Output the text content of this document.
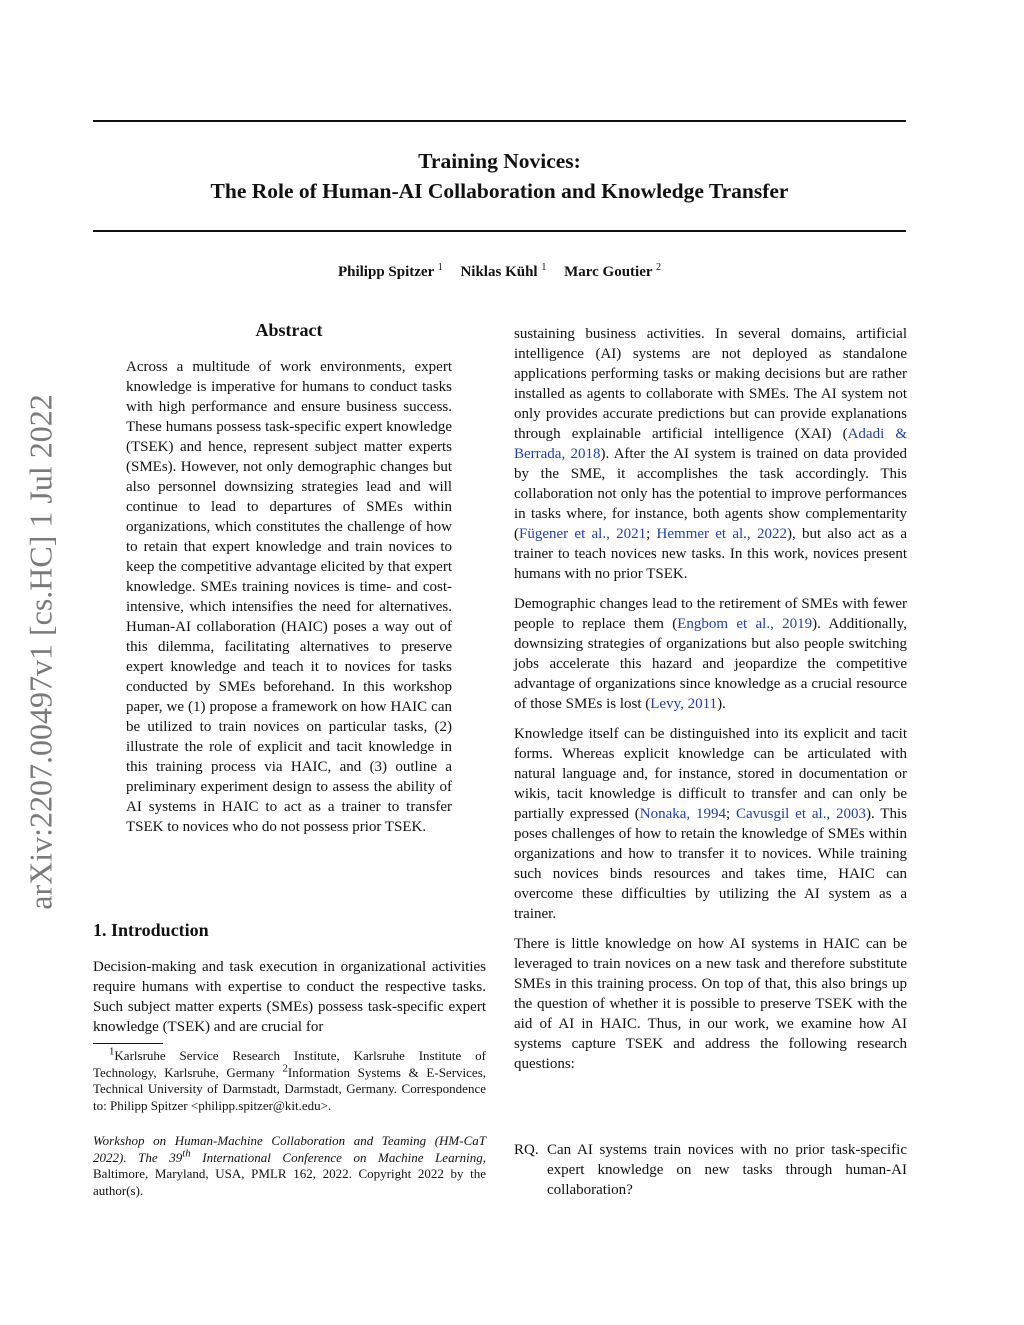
Training Novices:
The Role of Human-AI Collaboration and Knowledge Transfer
Philipp Spitzer $^1$ Niklas Kühl $^1$ Marc Goutier $^2$
arXiv:2207.00497v1 [cs.HC] 1 Jul 2022
Abstract
Across a multitude of work environments, expert knowledge is imperative for humans to conduct tasks with high performance and ensure business success. These humans possess task-specific expert knowledge (TSEK) and hence, represent subject matter experts (SMEs). However, not only demographic changes but also personnel downsizing strategies lead and will continue to lead to departures of SMEs within organizations, which constitutes the challenge of how to retain that expert knowledge and train novices to keep the competitive advantage elicited by that expert knowledge. SMEs training novices is time- and cost-intensive, which intensifies the need for alternatives. Human-AI collaboration (HAIC) poses a way out of this dilemma, facilitating alternatives to preserve expert knowledge and teach it to novices for tasks conducted by SMEs beforehand. In this workshop paper, we (1) propose a framework on how HAIC can be utilized to train novices on particular tasks, (2) illustrate the role of explicit and tacit knowledge in this training process via HAIC, and (3) outline a preliminary experiment design to assess the ability of AI systems in HAIC to act as a trainer to transfer TSEK to novices who do not possess prior TSEK.
1. Introduction
Decision-making and task execution in organizational activities require humans with expertise to conduct the respective tasks. Such subject matter experts (SMEs) possess task-specific expert knowledge (TSEK) and are crucial for

$^1$Karlsruhe Service Research Institute, Karlsruhe Institute of Technology, Karlsruhe, Germany $^2$Information Systems & E-Services, Technical University of Darmstadt, Darmstadt, Germany. Correspondence to: Philipp Spitzer <philipp.spitzer@kit.edu>.

Workshop on Human-Machine Collaboration and Teaming (HM-CaT 2022). The 39th International Conference on Machine Learning, Baltimore, Maryland, USA, PMLR 162, 2022. Copyright 2022 by the author(s).

sustaining business activities. In several domains, artificial intelligence (AI) systems are not deployed as standalone applications performing tasks or making decisions but are rather installed as agents to collaborate with SMEs. The AI system not only provides accurate predictions but can provide explanations through explainable artificial intelligence (XAI) (Adadi & Berrada, 2018). After the AI system is trained on data provided by the SME, it accomplishes the task accordingly. This collaboration not only has the potential to improve performances in tasks where, for instance, both agents show complementarity (Fügener et al., 2021; Hemmer et al., 2022), but also act as a trainer to teach novices new tasks. In this work, novices present humans with no prior TSEK.

Demographic changes lead to the retirement of SMEs with fewer people to replace them (Engbom et al., 2019). Additionally, downsizing strategies of organizations but also people switching jobs accelerate this hazard and jeopardize the competitive advantage of organizations since knowledge as a crucial resource of those SMEs is lost (Levy, 2011).

Knowledge itself can be distinguished into its explicit and tacit forms. Whereas explicit knowledge can be articulated with natural language and, for instance, stored in documentation or wikis, tacit knowledge is difficult to transfer and can only be partially expressed (Nonaka, 1994; Cavusgil et al., 2003). This poses challenges of how to retain the knowledge of SMEs within organizations and how to transfer it to novices. While training such novices binds resources and takes time, HAIC can overcome these difficulties by utilizing the AI system as a trainer.

There is little knowledge on how AI systems in HAIC can be leveraged to train novices on a new task and therefore substitute SMEs in this training process. On top of that, this also brings up the question of whether it is possible to preserve TSEK with the aid of AI in HAIC. Thus, in our work, we examine how AI systems capture TSEK and address the following research questions:

RQ. Can AI systems train novices with no prior task-specific expert knowledge on new tasks through human-AI collaboration?
